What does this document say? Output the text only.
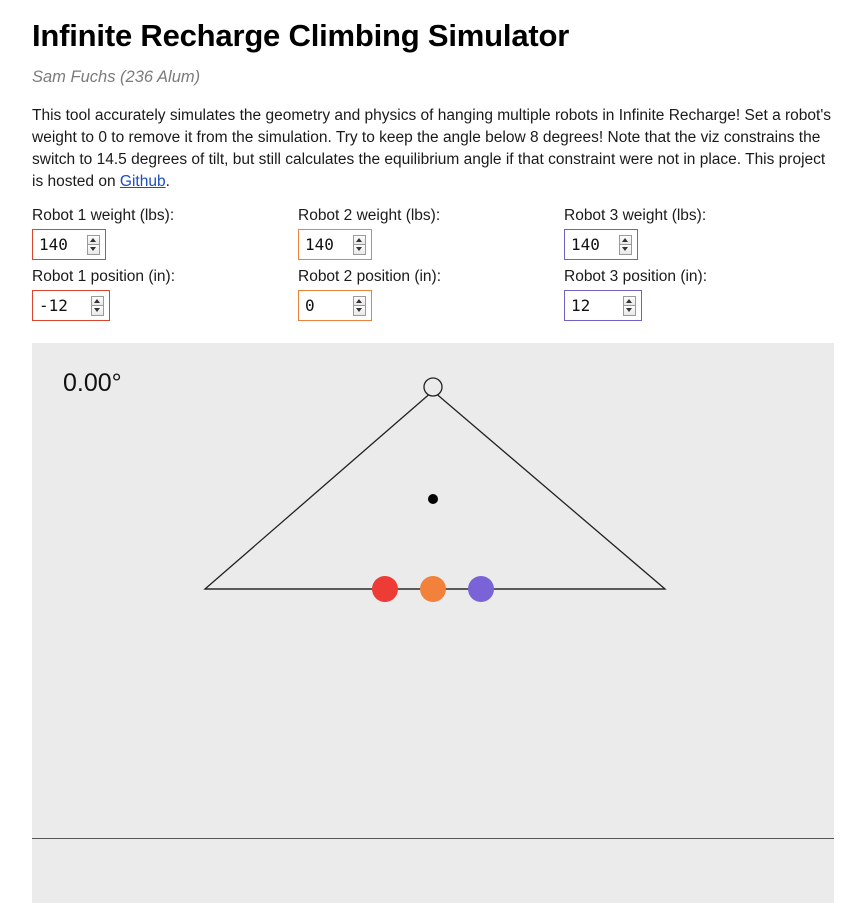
Infinite Recharge Climbing Simulator
Sam Fuchs (236 Alum)

This tool accurately simulates the geometry and physics of hanging multiple robots in Infinite Recharge! Set a robot's weight to 0 to remove it from the simulation. Try to keep the angle below 8 degrees! Note that the viz constrains the switch to 14.5 degrees of tilt, but still calculates the equilibrium angle if that constraint were not in place. This project is hosted on Github.

Robot 1 weight (lbs):
140
Robot 2 weight (lbs):
140
Robot 3 weight (lbs):
140
Robot 1 position (in):
-12
Robot 2 position (in):
0
Robot 3 position (in):
12
0.00°
